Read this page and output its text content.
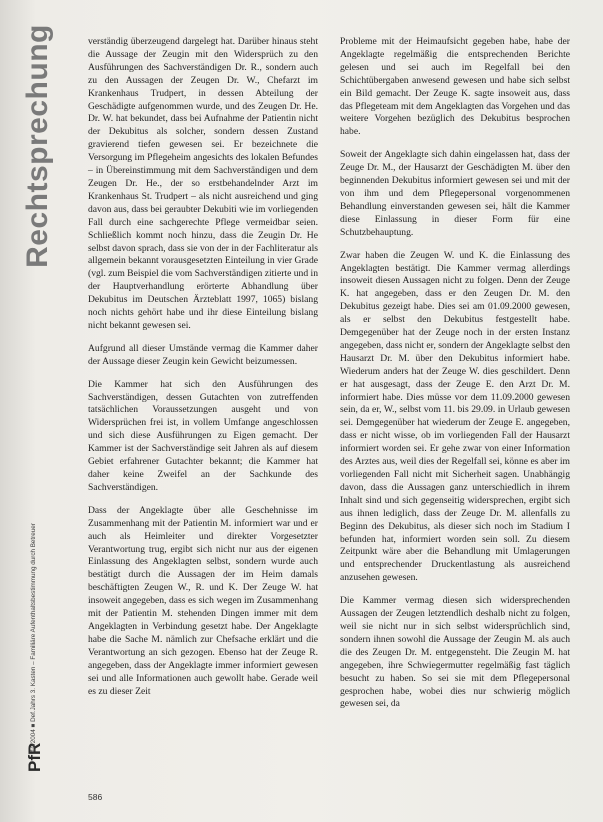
Rechtsprechung
PfR
10/2004 ■ Def.Jahrs 3. Kasten – Familiäre Aufenthaltsbestimmung durch Betreuer

verständig überzeugend dargelegt hat. Darüber hinaus steht die Aussage der Zeugin mit den Widersprüch zu den Ausführungen des Sachverständigen Dr. R., sondern auch zu den Aussagen der Zeugen Dr. W., Chefarzt im Krankenhaus Trudpert, in dessen Abteilung der Geschädigte aufgenommen wurde, und des Zeugen Dr. He. Dr. W. hat bekundet, dass bei Aufnahme der Patientin nicht der Dekubitus als solcher, sondern dessen Zustand gravierend tiefen gewesen sei. Er bezeichnete die Versorgung im Pflegeheim angesichts des lokalen Befundes – in Übereinstimmung mit dem Sachverständigen und dem Zeugen Dr. He., der so erstbehandelnder Arzt im Krankenhaus St. Trudpert – als nicht ausreichend und ging davon aus, dass bei geraubter Dekubiti wie im vorliegenden Fall durch eine sachgerechte Pflege vermeidbar seien. Schließlich kommt noch hinzu, dass die Zeugin Dr. He selbst davon sprach, dass sie von der in der Fachliteratur als allgemein bekannt vorausgesetzten Einteilung in vier Grade (vgl. zum Beispiel die vom Sachverständigen zitierte und in der Hauptverhandlung erörterte Abhandlung über Dekubitus im Deutschen Ärzteblatt 1997, 1065) bislang noch nichts gehört habe und ihr diese Einteilung bislang nicht bekannt gewesen sei.

Aufgrund all dieser Umstände vermag die Kammer daher der Aussage dieser Zeugin kein Gewicht beizumessen.

Die Kammer hat sich den Ausführungen des Sachverständigen, dessen Gutachten von zutreffenden tatsächlichen Voraussetzungen ausgeht und von Widersprüchen frei ist, in vollem Umfange angeschlossen und sich diese Ausführungen zu Eigen gemacht. Der Kammer ist der Sachverständige seit Jahren als auf diesem Gebiet erfahrener Gutachter bekannt; die Kammer hat daher keine Zweifel an der Sachkunde des Sachverständigen.

Dass der Angeklagte über alle Geschehnisse im Zusammenhang mit der Patientin M. informiert war und er auch als Heimleiter und direkter Vorgesetzter Verantwortung trug, ergibt sich nicht nur aus der eigenen Einlassung des Angeklagten selbst, sondern wurde auch bestätigt durch die Aussagen der im Heim damals beschäftigten Zeugen W., R. und K. Der Zeuge W. hat insoweit angegeben, dass es sich wegen im Zusammenhang mit der Patientin M. stehenden Dingen immer mit dem Angeklagten in Verbindung gesetzt habe. Der Angeklagte habe die Sache M. nämlich zur Chefsache erklärt und die Verantwortung an sich gezogen. Ebenso hat der Zeuge R. angegeben, dass der Angeklagte immer informiert gewesen sei und alle Informationen auch gewollt habe. Gerade weil es zu dieser Zeit

Probleme mit der Heimaufsicht gegeben habe, habe der Angeklagte regelmäßig die entsprechenden Berichte gelesen und sei auch im Regelfall bei den Schichtübergaben anwesend gewesen und habe sich selbst ein Bild gemacht. Der Zeuge K. sagte insoweit aus, dass das Pflegeteam mit dem Angeklagten das Vorgehen und das weitere Vorgehen bezüglich des Dekubitus besprochen habe.

Soweit der Angeklagte sich dahin eingelassen hat, dass der Zeuge Dr. M., der Hausarzt der Geschädigten M. über den beginnenden Dekubitus informiert gewesen sei und mit der von ihm und dem Pflegepersonal vorgenommenen Behandlung einverstanden gewesen sei, hält die Kammer diese Einlassung in dieser Form für eine Schutzbehauptung.

Zwar haben die Zeugen W. und K. die Einlassung des Angeklagten bestätigt. Die Kammer vermag allerdings insoweit diesen Aussagen nicht zu folgen. Denn der Zeuge K. hat angegeben, dass er den Zeugen Dr. M. den Dekubitus gezeigt habe. Dies sei am 01.09.2000 gewesen, als er selbst den Dekubitus festgestellt habe. Demgegenüber hat der Zeuge noch in der ersten Instanz angegeben, dass nicht er, sondern der Angeklagte selbst den Hausarzt Dr. M. über den Dekubitus informiert habe. Wiederum anders hat der Zeuge W. dies geschildert. Denn er hat ausgesagt, dass der Zeuge E. den Arzt Dr. M. informiert habe. Dies müsse vor dem 11.09.2000 gewesen sein, da er, W., selbst vom 11. bis 29.09. in Urlaub gewesen sei. Demgegenüber hat wiederum der Zeuge E. angegeben, dass er nicht wisse, ob im vorliegenden Fall der Hausarzt informiert worden sei. Er gehe zwar von einer Information des Arztes aus, weil dies der Regelfall sei, könne es aber im vorliegenden Fall nicht mit Sicherheit sagen. Unabhängig davon, dass die Aussagen ganz unterschiedlich in ihrem Inhalt sind und sich gegenseitig widersprechen, ergibt sich aus ihnen lediglich, dass der Zeuge Dr. M. allenfalls zu Beginn des Dekubitus, als dieser sich noch im Stadium I befunden hat, informiert worden sein soll. Zu diesem Zeitpunkt wäre aber die Behandlung mit Umlagerungen und entsprechender Druckentlastung als ausreichend anzusehen gewesen.

Die Kammer vermag diesen sich widersprechenden Aussagen der Zeugen letztendlich deshalb nicht zu folgen, weil sie nicht nur in sich selbst widersprüchlich sind, sondern ihnen sowohl die Aussage der Zeugin M. als auch die des Zeugen Dr. M. entgegensteht. Die Zeugin M. hat angegeben, ihre Schwiegermutter regelmäßig fast täglich besucht zu haben. So sei sie mit dem Pflegepersonal gesprochen habe, wobei dies nur schwierig möglich gewesen sei, da

586
